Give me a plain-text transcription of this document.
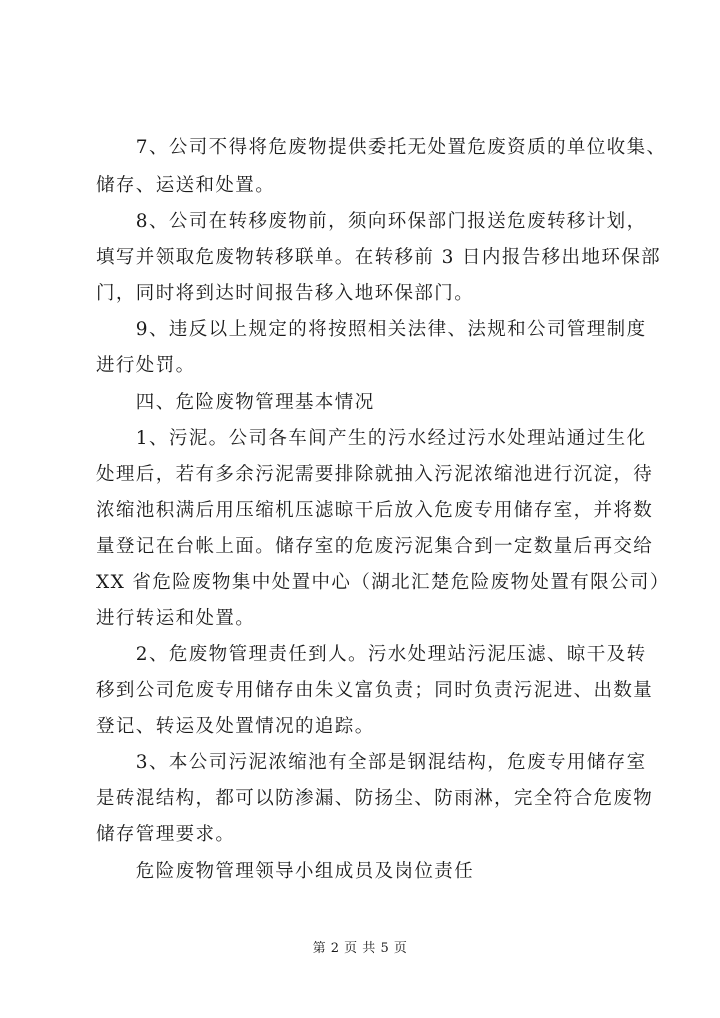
　　7、公司不得将危废物提供委托无处置危废资质的单位收集、
储存、运送和处置。
　　8、公司在转移废物前，须向环保部门报送危废转移计划，
填写并领取危废物转移联单。在转移前 3 日内报告移出地环保部
门，同时将到达时间报告移入地环保部门。
　　9、违反以上规定的将按照相关法律、法规和公司管理制度
进行处罚。
　　四、危险废物管理基本情况
　　1、污泥。公司各车间产生的污水经过污水处理站通过生化
处理后，若有多余污泥需要排除就抽入污泥浓缩池进行沉淀，待
浓缩池积满后用压缩机压滤晾干后放入危废专用储存室，并将数
量登记在台帐上面。储存室的危废污泥集合到一定数量后再交给
XX 省危险废物集中处置中心（湖北汇楚危险废物处置有限公司）
进行转运和处置。
　　2、危废物管理责任到人。污水处理站污泥压滤、晾干及转
移到公司危废专用储存由朱义富负责；同时负责污泥进、出数量
登记、转运及处置情况的追踪。
　　3、本公司污泥浓缩池有全部是钢混结构，危废专用储存室
是砖混结构，都可以防渗漏、防扬尘、防雨淋，完全符合危废物
储存管理要求。
　　危险废物管理领导小组成员及岗位责任
第 2 页 共 5 页
